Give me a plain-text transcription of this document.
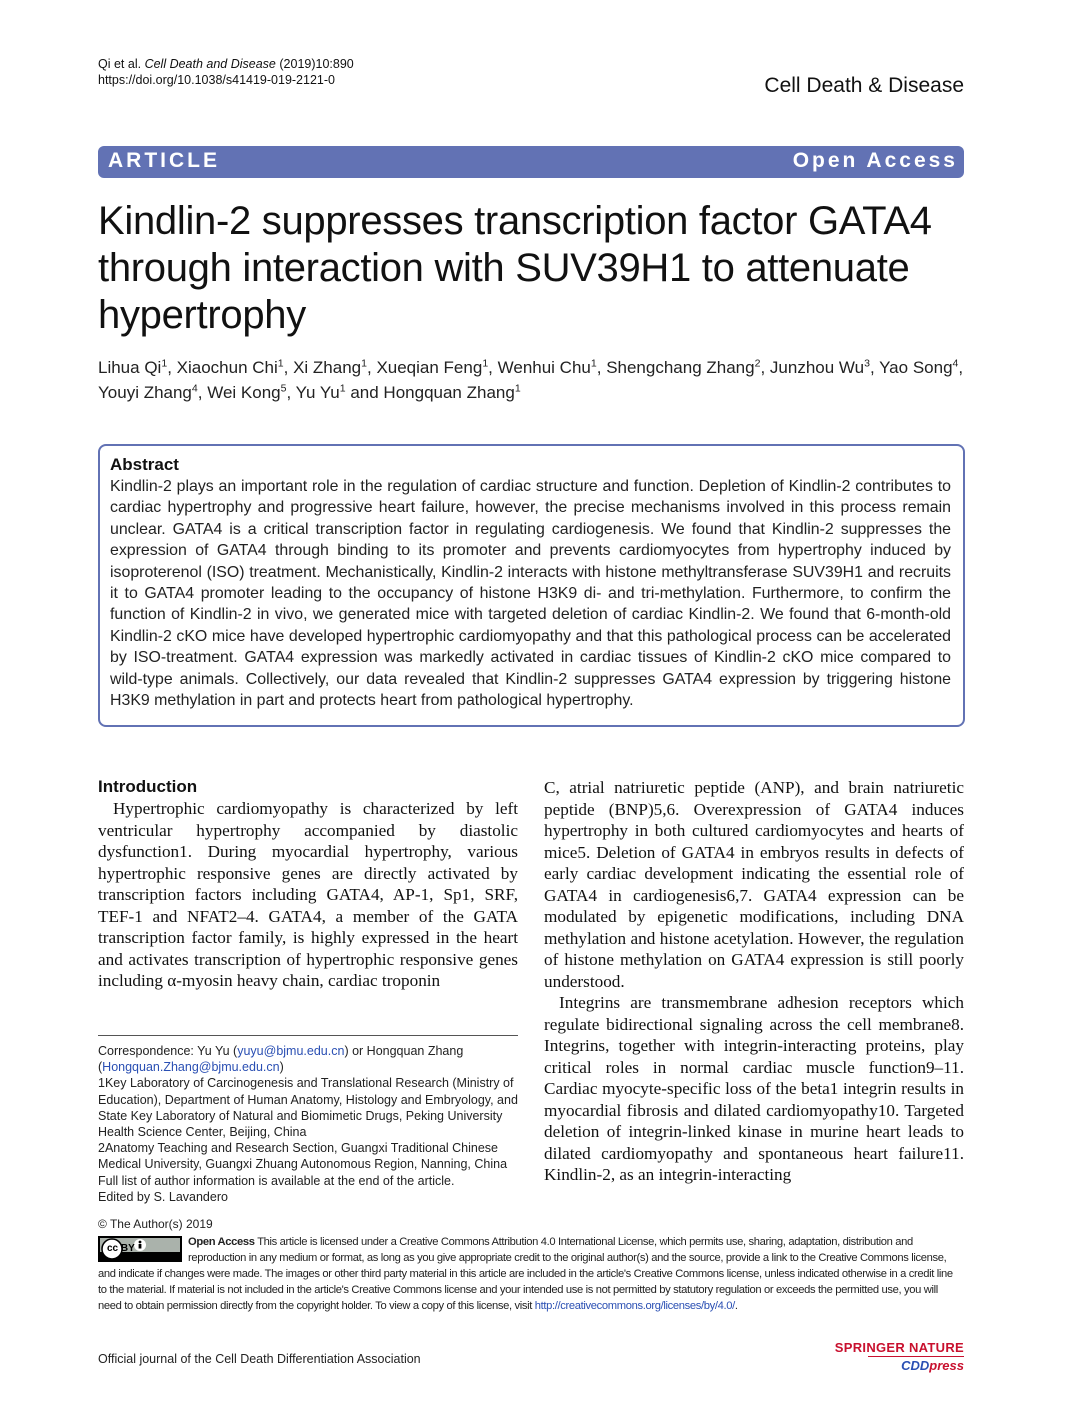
Qi et al. Cell Death and Disease (2019)10:890
https://doi.org/10.1038/s41419-019-2121-0	Cell Death & Disease
ARTICLE	Open Access
Kindlin-2 suppresses transcription factor GATA4 through interaction with SUV39H1 to attenuate hypertrophy
Lihua Qi$^1$, Xiaochun Chi$^1$, Xi Zhang$^1$, Xueqian Feng$^1$, Wenhui Chu$^1$, Shengchang Zhang$^2$, Junzhou Wu$^3$, Yao Song$^4$, Youyi Zhang$^4$, Wei Kong$^5$, Yu Yu$^1$ and Hongquan Zhang$^1$
Abstract

Kindlin-2 plays an important role in the regulation of cardiac structure and function. Depletion of Kindlin-2 contributes to cardiac hypertrophy and progressive heart failure, however, the precise mechanisms involved in this process remain unclear. GATA4 is a critical transcription factor in regulating cardiogenesis. We found that Kindlin-2 suppresses the expression of GATA4 through binding to its promoter and prevents cardiomyocytes from hypertrophy induced by isoproterenol (ISO) treatment. Mechanistically, Kindlin-2 interacts with histone methyltransferase SUV39H1 and recruits it to GATA4 promoter leading to the occupancy of histone H3K9 di- and tri-methylation. Furthermore, to confirm the function of Kindlin-2 in vivo, we generated mice with targeted deletion of cardiac Kindlin-2. We found that 6-month-old Kindlin-2 cKO mice have developed hypertrophic cardiomyopathy and that this pathological process can be accelerated by ISO-treatment. GATA4 expression was markedly activated in cardiac tissues of Kindlin-2 cKO mice compared to wild-type animals. Collectively, our data revealed that Kindlin-2 suppresses GATA4 expression by triggering histone H3K9 methylation in part and protects heart from pathological hypertrophy.

Introduction

Hypertrophic cardiomyopathy is characterized by left ventricular hypertrophy accompanied by diastolic dysfunction1. During myocardial hypertrophy, various hypertrophic responsive genes are directly activated by transcription factors including GATA4, AP-1, Sp1, SRF, TEF-1 and NFAT2–4. GATA4, a member of the GATA transcription factor family, is highly expressed in the heart and activates transcription of hypertrophic responsive genes including α-myosin heavy chain, cardiac troponin

C, atrial natriuretic peptide (ANP), and brain natriuretic peptide (BNP)5,6. Overexpression of GATA4 induces hypertrophy in both cultured cardiomyocytes and hearts of mice5. Deletion of GATA4 in embryos results in defects of early cardiac development indicating the essential role of GATA4 in cardiogenesis6,7. GATA4 expression can be modulated by epigenetic modifications, including DNA methylation and histone acetylation. However, the regulation of histone methylation on GATA4 expression is still poorly understood.

Integrins are transmembrane adhesion receptors which regulate bidirectional signaling across the cell membrane8. Integrins, together with integrin-interacting proteins, play critical roles in normal cardiac muscle function9–11. Cardiac myocyte-specific loss of the beta1 integrin results in myocardial fibrosis and dilated cardiomyopathy10. Targeted deletion of integrin-linked kinase in murine heart leads to dilated cardiomyopathy and spontaneous heart failure11. Kindlin-2, as an integrin-interacting

Correspondence: Yu Yu (yuyu@bjmu.edu.cn) or Hongquan Zhang (Hongquan.Zhang@bjmu.edu.cn)

1Key Laboratory of Carcinogenesis and Translational Research (Ministry of Education), Department of Human Anatomy, Histology and Embryology, and State Key Laboratory of Natural and Biomimetic Drugs, Peking University Health Science Center, Beijing, China

2Anatomy Teaching and Research Section, Guangxi Traditional Chinese Medical University, Guangxi Zhuang Autonomous Region, Nanning, China

Full list of author information is available at the end of the article.

Edited by S. Lavandero

© The Author(s) 2019
cc BY
Open Access This article is licensed under a Creative Commons Attribution 4.0 International License, which permits use, sharing, adaptation, distribution and reproduction in any medium or format, as long as you give appropriate credit to the original author(s) and the source, provide a link to the Creative Commons license, and indicate if changes were made. The images or other third party material in this article are included in the article's Creative Commons license, unless indicated otherwise in a credit line to the material. If material is not included in the article's Creative Commons license and your intended use is not permitted by statutory regulation or exceeds the permitted use, you will need to obtain permission directly from the copyright holder. To view a copy of this license, visit http://creativecommons.org/licenses/by/4.0/.
Official journal of the Cell Death Differentiation Association
SPRINGER NATURE
CDDpress
